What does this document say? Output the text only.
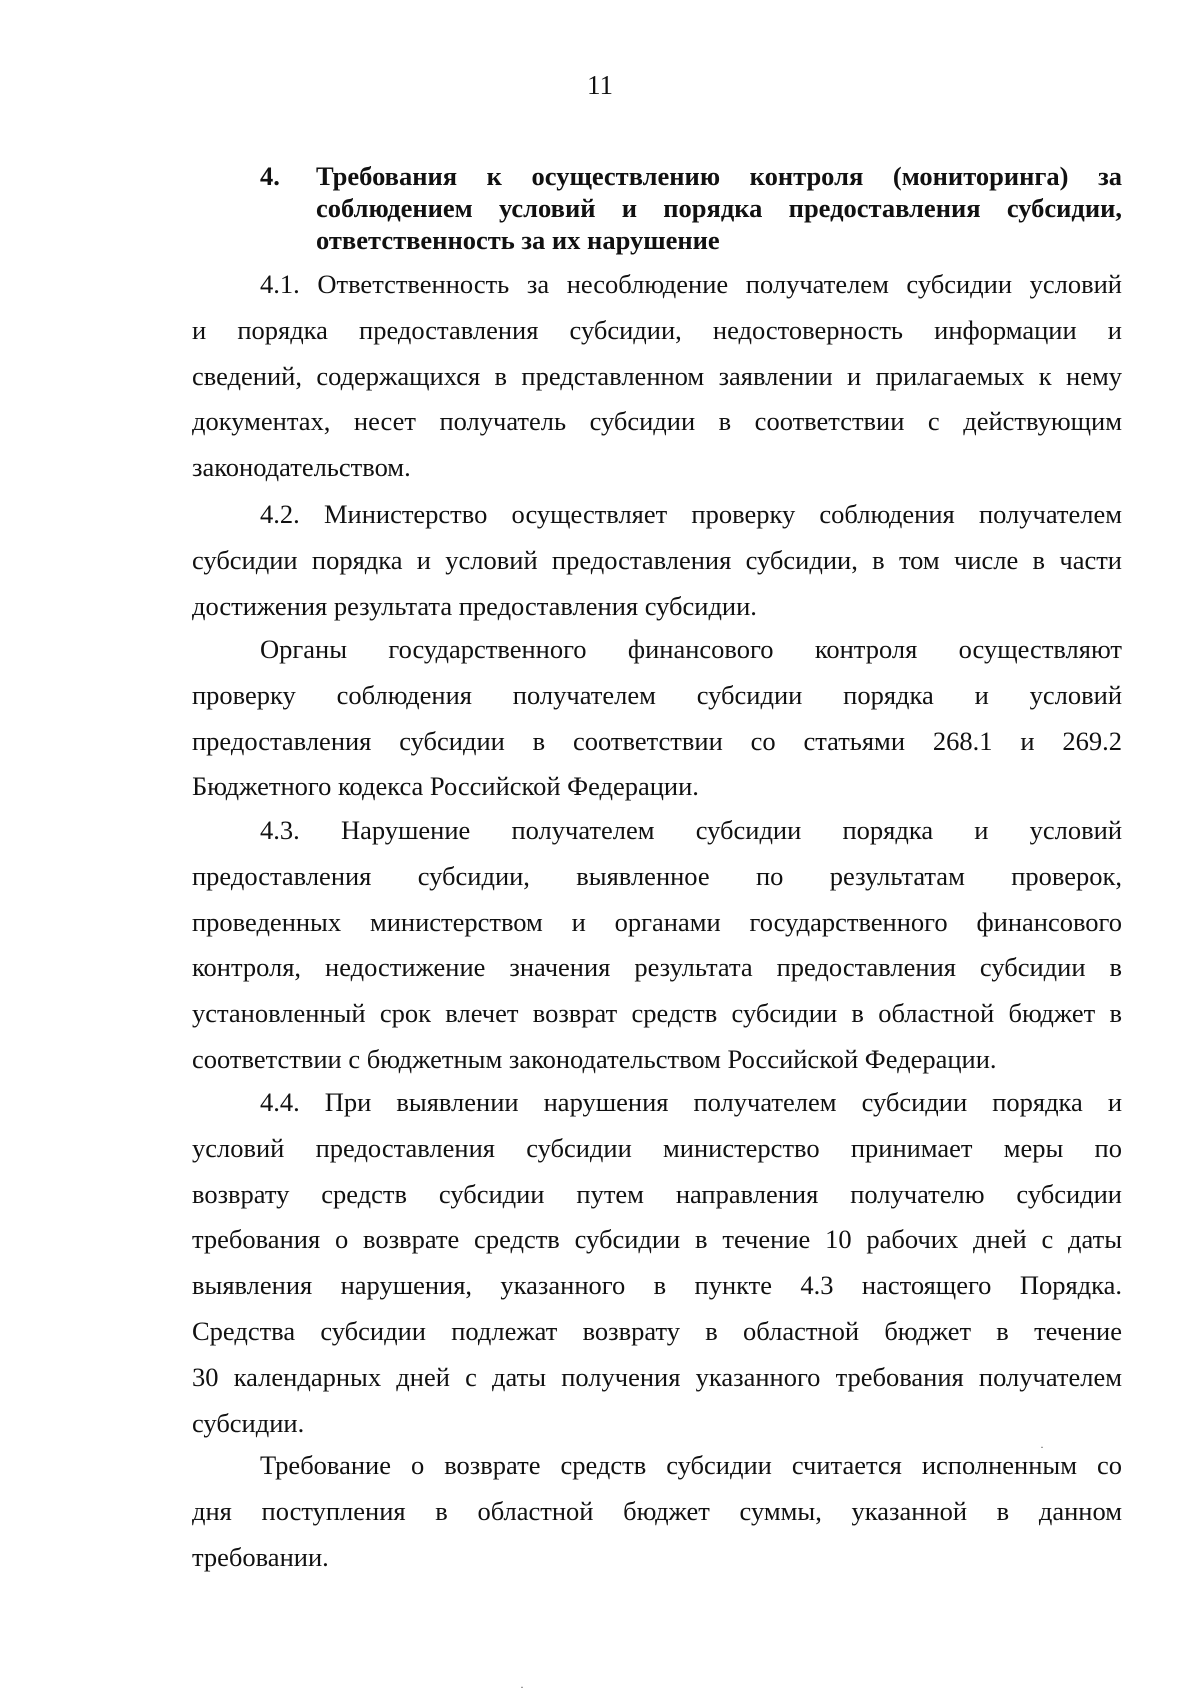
11
4. Требования к осуществлению контроля (мониторинга) за
соблюдением условий и порядка предоставления субсидии,
ответственность за их нарушение
4.1. Ответственность за несоблюдение получателем субсидии условий
и порядка предоставления субсидии, недостоверность информации и
сведений, содержащихся в представленном заявлении и прилагаемых к нему
документах, несет получатель субсидии в соответствии с действующим
законодательством.
4.2. Министерство осуществляет проверку соблюдения получателем
субсидии порядка и условий предоставления субсидии, в том числе в части
достижения результата предоставления субсидии.
Органы государственного финансового контроля осуществляют
проверку соблюдения получателем субсидии порядка и условий
предоставления субсидии в соответствии со статьями 268.1 и 269.2
Бюджетного кодекса Российской Федерации.
4.3. Нарушение получателем субсидии порядка и условий
предоставления субсидии, выявленное по результатам проверок,
проведенных министерством и органами государственного финансового
контроля, недостижение значения результата предоставления субсидии в
установленный срок влечет возврат средств субсидии в областной бюджет в
соответствии с бюджетным законодательством Российской Федерации.
4.4. При выявлении нарушения получателем субсидии порядка и
условий предоставления субсидии министерство принимает меры по
возврату средств субсидии путем направления получателю субсидии
требования о возврате средств субсидии в течение 10 рабочих дней с даты
выявления нарушения, указанного в пункте 4.3 настоящего Порядка.
Средства субсидии подлежат возврату в областной бюджет в течение
30 календарных дней с даты получения указанного требования получателем
субсидии.
Требование о возврате средств субсидии считается исполненным со
дня поступления в областной бюджет суммы, указанной в данном
требовании.
·
·
